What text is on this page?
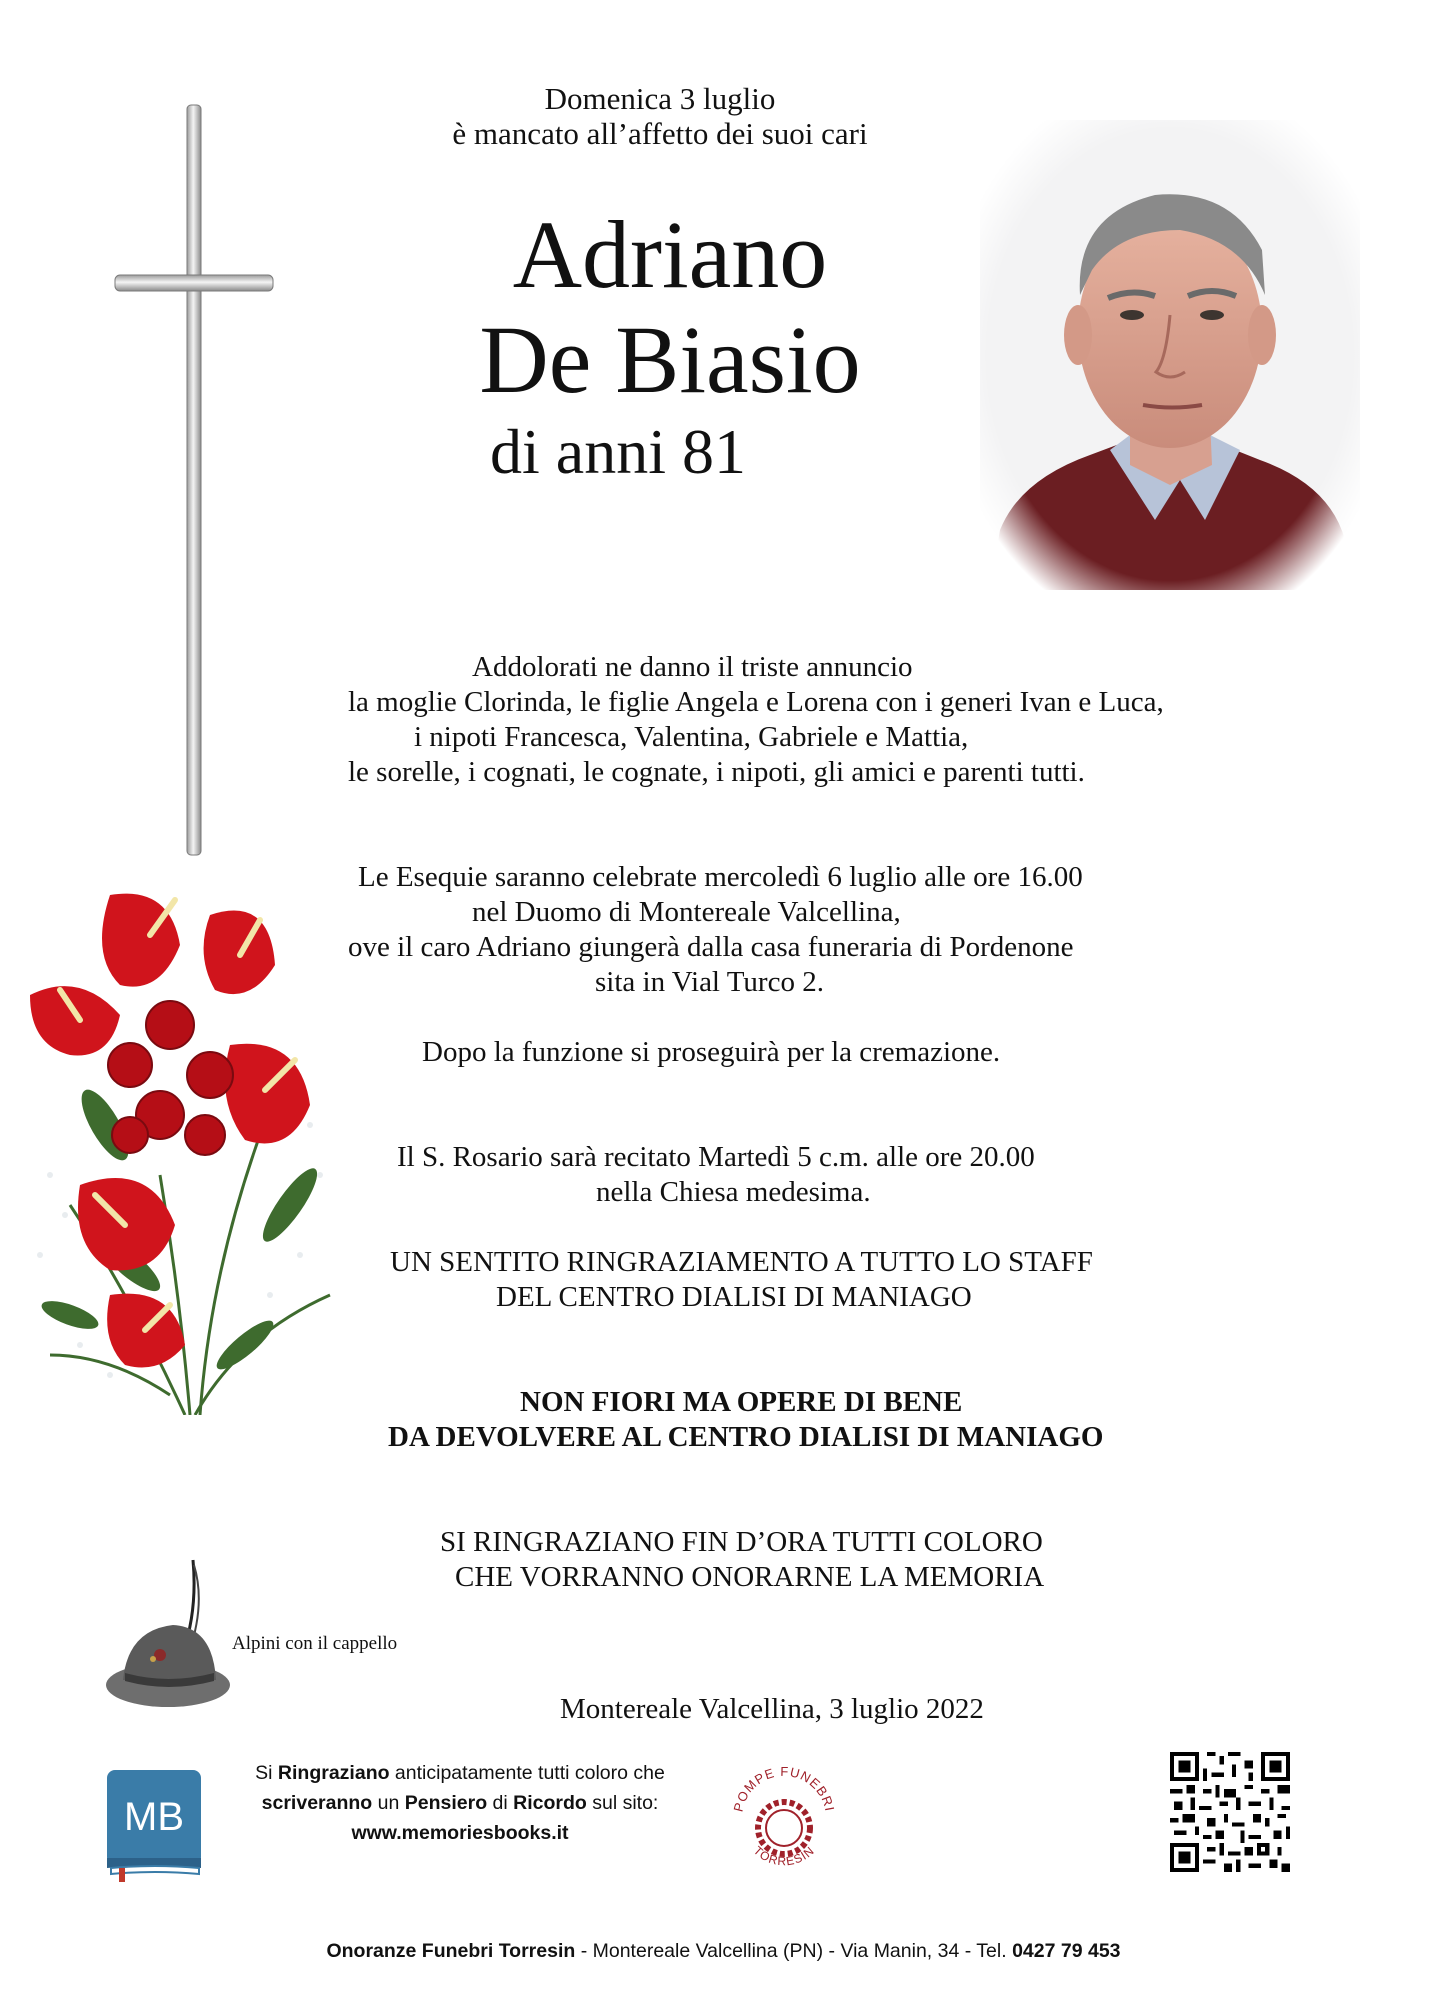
Domenica 3 luglio
è mancato all’affetto dei suoi cari
Adriano
De Biasio
di anni 81
Addolorati ne danno il triste annuncio
la moglie Clorinda, le figlie Angela e Lorena con i generi Ivan e Luca,
i nipoti Francesca, Valentina, Gabriele e Mattia,
le sorelle, i cognati, le cognate, i nipoti, gli amici e parenti tutti.
Le Esequie saranno celebrate mercoledì 6 luglio alle ore 16.00
nel Duomo di Montereale Valcellina,
ove il caro Adriano giungerà dalla casa funeraria di Pordenone
sita in Vial Turco 2.
Dopo la funzione si proseguirà per la cremazione.
Il S. Rosario sarà recitato Martedì 5 c.m. alle ore 20.00
nella Chiesa medesima.
UN SENTITO RINGRAZIAMENTO A TUTTO LO STAFF
DEL CENTRO DIALISI DI MANIAGO
NON FIORI MA OPERE DI BENE
DA DEVOLVERE AL CENTRO DIALISI DI MANIAGO
SI RINGRAZIANO FIN D’ORA TUTTI COLORO
CHE VORRANNO ONORARNE LA MEMORIA
Alpini con il cappello
Montereale Valcellina, 3 luglio 2022
MB
Si Ringraziano anticipatamente tutti coloro che
scriveranno un Pensiero di Ricordo sul sito:
www.memoriesbooks.it
POMPE FUNEBRI
TORRESIN
Onoranze Funebri Torresin - Montereale Valcellina (PN) - Via Manin, 34 - Tel. 0427 79 453
